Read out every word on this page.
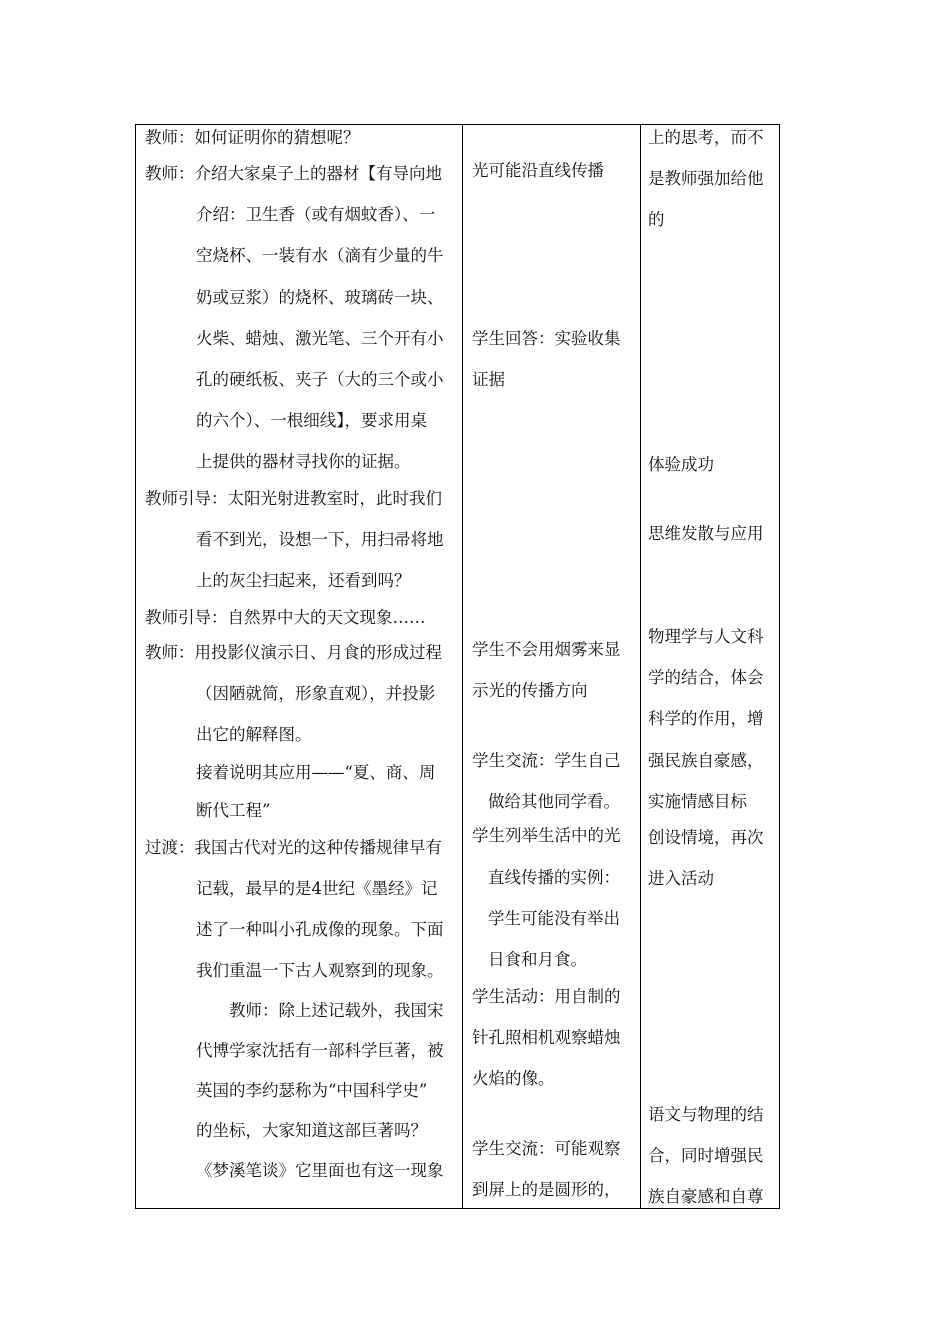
教师：如何证明你的猜想呢？
教师：介绍大家桌子上的器材【有导向地
介绍：卫生香（或有烟蚊香）、一
空烧杯、一装有水（滴有少量的牛
奶或豆浆）的烧杯、玻璃砖一块、
火柴、蜡烛、激光笔、三个开有小
孔的硬纸板、夹子（大的三个或小
的六个）、一根细线】，要求用桌
上提供的器材寻找你的证据。
教师引导：太阳光射进教室时，此时我们
看不到光，设想一下，用扫帚将地
上的灰尘扫起来，还看到吗？
教师引导：自然界中大的天文现象……
教师：用投影仪演示日、月食的形成过程
（因陋就简，形象直观），并投影
出它的解释图。
接着说明其应用——“夏、商、周
断代工程”
过渡：我国古代对光的这种传播规律早有
记载，最早的是4世纪《墨经》记
述了一种叫小孔成像的现象。下面
我们重温一下古人观察到的现象。
教师：除上述记载外，我国宋
代博学家沈括有一部科学巨著，被
英国的李约瑟称为“中国科学史”
的坐标，大家知道这部巨著吗？
《梦溪笔谈》它里面也有这一现象
光可能沿直线传播
学生回答：实验收集
证据
学生不会用烟雾来显
示光的传播方向
学生交流：学生自己
做给其他同学看。
学生列举生活中的光
直线传播的实例：
学生可能没有举出
日食和月食。
学生活动：用自制的
针孔照相机观察蜡烛
火焰的像。
学生交流：可能观察
到屏上的是圆形的，
上的思考，而不
是教师强加给他
的
体验成功
思维发散与应用
物理学与人文科
学的结合，体会
科学的作用，增
强民族自豪感，
实施情感目标
创设情境，再次
进入活动
语文与物理的结
合，同时增强民
族自豪感和自尊
